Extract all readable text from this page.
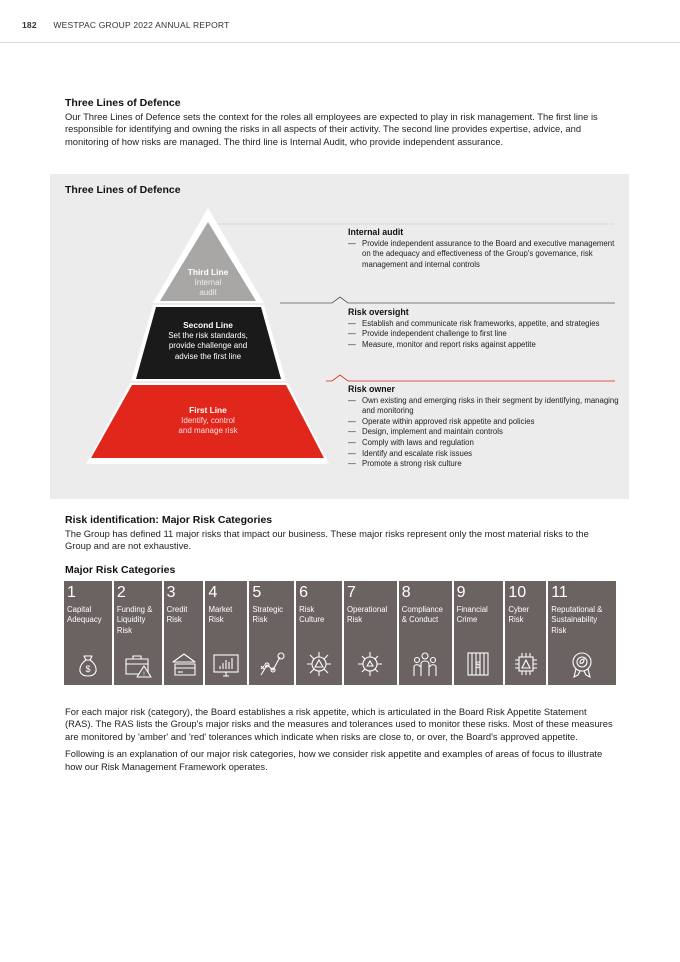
182 WESTPAC GROUP 2022 ANNUAL REPORT
Three Lines of Defence

Our Three Lines of Defence sets the context for the roles all employees are expected to play in risk management. The first line is responsible for identifying and owning the risks in all aspects of their activity. The second line provides expertise, advice, and monitoring of how risks are managed. The third line is Internal Audit, who provide independent assurance.

Three Lines of Defence
Third Line
Internal
audit
Second Line
Set the risk standards,
provide challenge and
advise the first line
First Line
Identify, control
and manage risk
Internal audit
— Provide independent assurance to the Board and executive management on the adequacy and effectiveness of the Group's governance, risk management and internal controls
Risk oversight
— Establish and communicate risk frameworks, appetite, and strategies
— Provide independent challenge to first line
— Measure, monitor and report risks against appetite
Risk owner
— Own existing and emerging risks in their segment by identifying, managing and monitoring
— Operate within approved risk appetite and policies
— Design, implement and maintain controls
— Comply with laws and regulation
— Identify and escalate risk issues
— Promote a strong risk culture
Risk identification: Major Risk Categories

The Group has defined 11 major risks that impact our business. These major risks represent only the most material risks to the Group and are not exhaustive.

Major Risk Categories
1
Capital
Adequacy
$
2
Funding &
Liquidity
Risk
!
3
Credit
Risk
4
Market
Risk
5
Strategic
Risk
6
Risk
Culture
7
Operational
Risk
8
Compliance
& Conduct
9
Financial
Crime
$
10
Cyber
Risk
11
Reputational &
Sustainability
Risk

For each major risk (category), the Board establishes a risk appetite, which is articulated in the Board Risk Appetite Statement (RAS). The RAS lists the Group's major risks and the measures and tolerances used to monitor these risks. Most of these measures are monitored by 'amber' and 'red' tolerances which indicate when risks are close to, or over, the Board's approved appetite.

Following is an explanation of our major risk categories, how we consider risk appetite and examples of areas of focus to illustrate how our Risk Management Framework operates.
